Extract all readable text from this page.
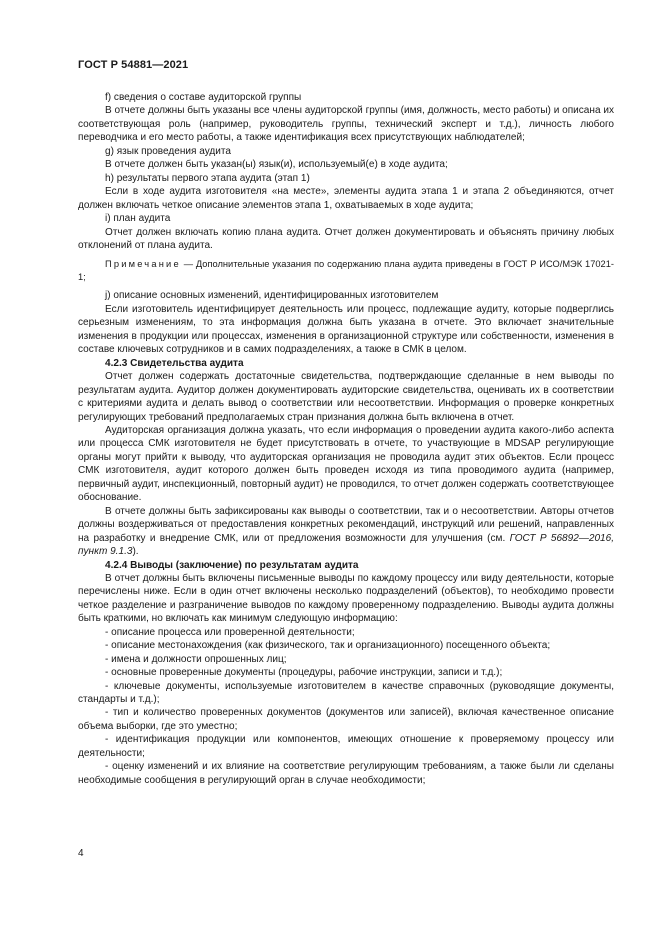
ГОСТ Р 54881—2021

f) сведения о составе аудиторской группы

В отчете должны быть указаны все члены аудиторской группы (имя, должность, место работы) и описана их соответствующая роль (например, руководитель группы, технический эксперт и т.д.), личность любого переводчика и его место работы, а также идентификация всех присутствующих наблюдателей;

g) язык проведения аудита

В отчете должен быть указан(ы) язык(и), используемый(е) в ходе аудита;

h) результаты первого этапа аудита (этап 1)

Если в ходе аудита изготовителя «на месте», элементы аудита этапа 1 и этапа 2 объединяются, отчет должен включать четкое описание элементов этапа 1, охватываемых в ходе аудита;

i) план аудита

Отчет должен включать копию плана аудита. Отчет должен документировать и объяснять причину любых отклонений от плана аудита.

Примечание — Дополнительные указания по содержанию плана аудита приведены в ГОСТ Р ИСО/МЭК 17021-1;

j) описание основных изменений, идентифицированных изготовителем

Если изготовитель идентифицирует деятельность или процесс, подлежащие аудиту, которые подверглись серьезным изменениям, то эта информация должна быть указана в отчете. Это включает значительные изменения в продукции или процессах, изменения в организационной структуре или собственности, изменения в составе ключевых сотрудников и в самих подразделениях, а также в СМК в целом.

4.2.3 Свидетельства аудита

Отчет должен содержать достаточные свидетельства, подтверждающие сделанные в нем выводы по результатам аудита. Аудитор должен документировать аудиторские свидетельства, оценивать их в соответствии с критериями аудита и делать вывод о соответствии или несоответствии. Информация о проверке конкретных регулирующих требований предполагаемых стран признания должна быть включена в отчет.

Аудиторская организация должна указать, что если информация о проведении аудита какого-либо аспекта или процесса СМК изготовителя не будет присутствовать в отчете, то участвующие в MDSAP регулирующие органы могут прийти к выводу, что аудиторская организация не проводила аудит этих объектов. Если процесс СМК изготовителя, аудит которого должен быть проведен исходя из типа проводимого аудита (например, первичный аудит, инспекционный, повторный аудит) не проводился, то отчет должен содержать соответствующее обоснование.

В отчете должны быть зафиксированы как выводы о соответствии, так и о несоответствии. Авторы отчетов должны воздерживаться от предоставления конкретных рекомендаций, инструкций или решений, направленных на разработку и внедрение СМК, или от предложения возможности для улучшения (см. ГОСТ Р 56892—2016, пункт 9.1.3).

4.2.4 Выводы (заключение) по результатам аудита

В отчет должны быть включены письменные выводы по каждому процессу или виду деятельности, которые перечислены ниже. Если в один отчет включены несколько подразделений (объектов), то необходимо провести четкое разделение и разграничение выводов по каждому проверенному подразделению. Выводы аудита должны быть краткими, но включать как минимум следующую информацию:

- описание процесса или проверенной деятельности;

- описание местонахождения (как физического, так и организационного) посещенного объекта;

- имена и должности опрошенных лиц;

- основные проверенные документы (процедуры, рабочие инструкции, записи и т.д.);

- ключевые документы, используемые изготовителем в качестве справочных (руководящие документы, стандарты и т.д.);

- тип и количество проверенных документов (документов или записей), включая качественное описание объема выборки, где это уместно;

- идентификация продукции или компонентов, имеющих отношение к проверяемому процессу или деятельности;

- оценку изменений и их влияние на соответствие регулирующим требованиям, а также были ли сделаны необходимые сообщения в регулирующий орган в случае необходимости;

4
